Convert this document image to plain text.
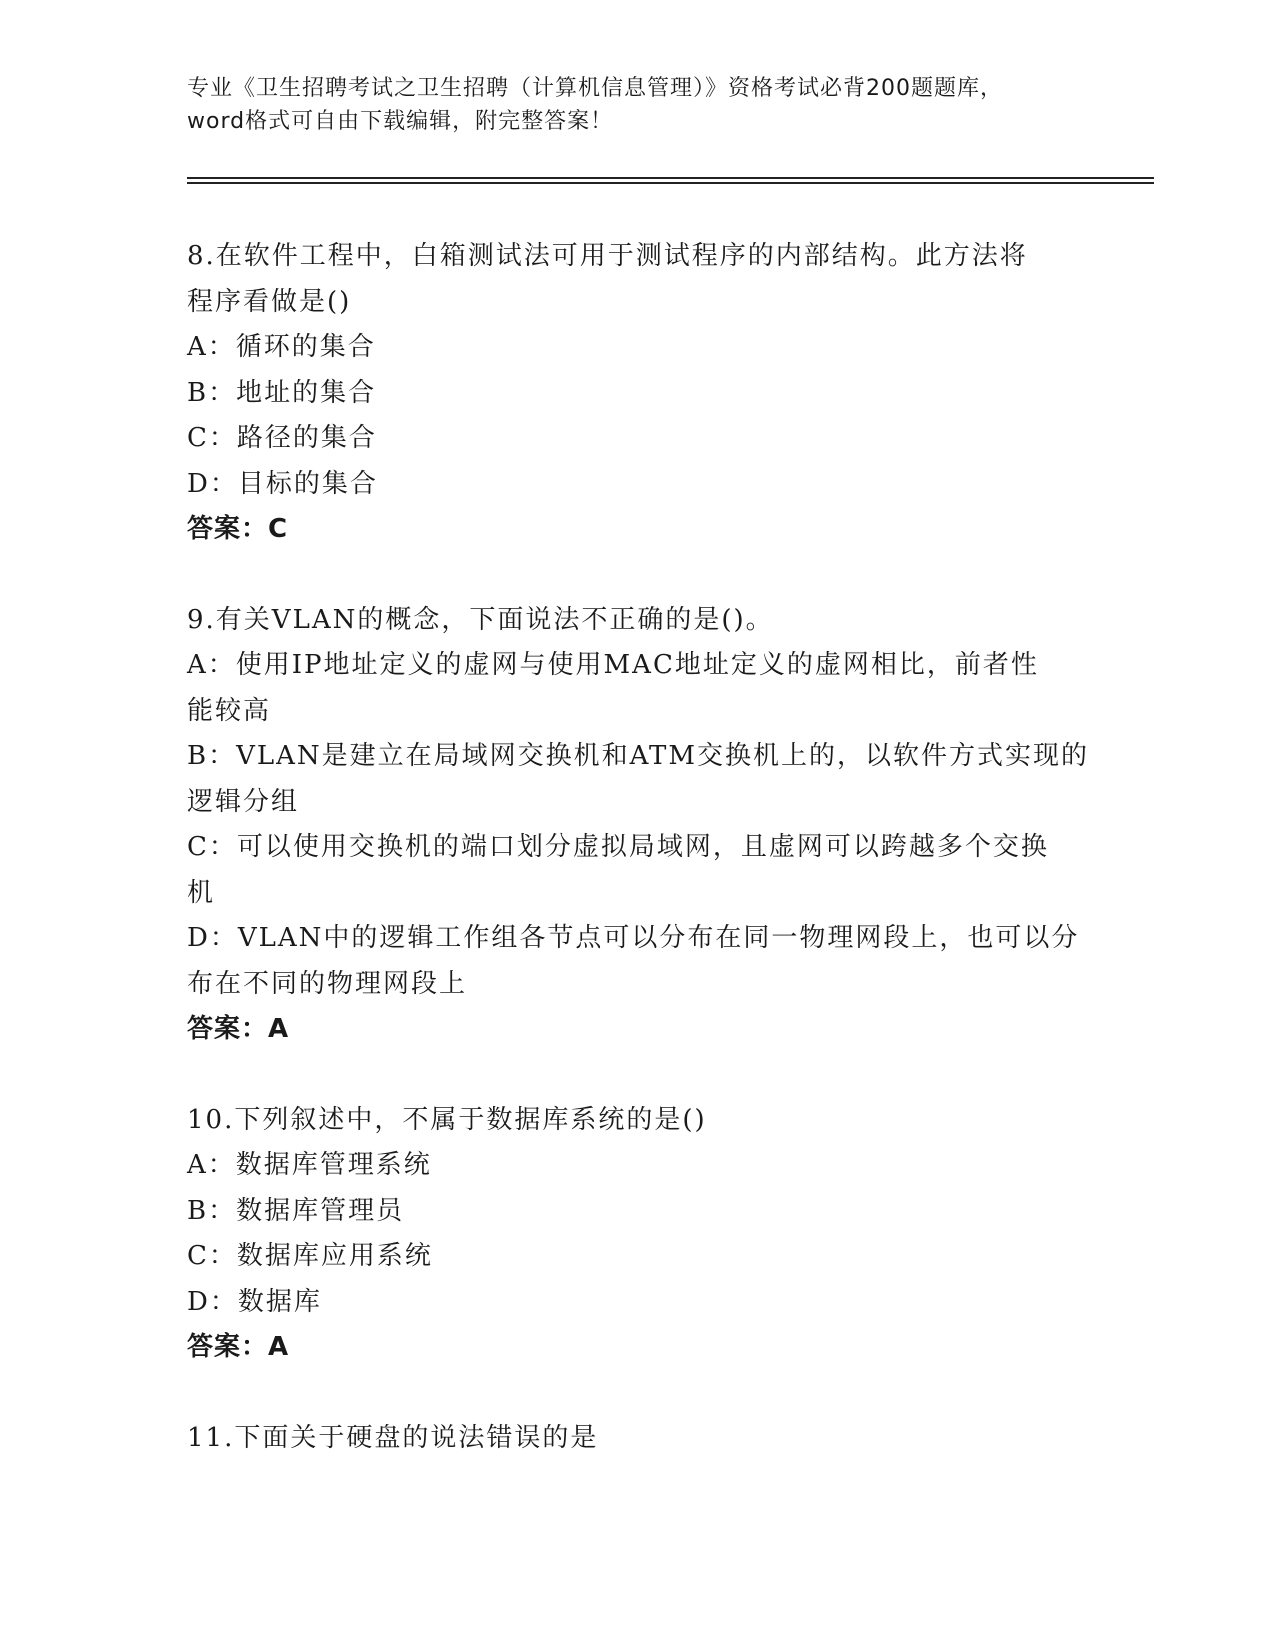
专业《卫生招聘考试之卫生招聘（计算机信息管理）》资格考试必背200题题库，

word格式可自由下载编辑，附完整答案！

8.在软件工程中，白箱测试法可用于测试程序的内部结构。此方法将

程序看做是()

A：循环的集合

B：地址的集合

C：路径的集合

D：目标的集合

答案：C

9.有关VLAN的概念，下面说法不正确的是()。

A：使用IP地址定义的虚网与使用MAC地址定义的虚网相比，前者性

能较高

B：VLAN是建立在局域网交换机和ATM交换机上的，以软件方式实现的

逻辑分组

C：可以使用交换机的端口划分虚拟局域网，且虚网可以跨越多个交换

机

D：VLAN中的逻辑工作组各节点可以分布在同一物理网段上，也可以分

布在不同的物理网段上

答案：A

10.下列叙述中，不属于数据库系统的是()

A：数据库管理系统

B：数据库管理员

C：数据库应用系统

D：数据库

答案：A

11.下面关于硬盘的说法错误的是
